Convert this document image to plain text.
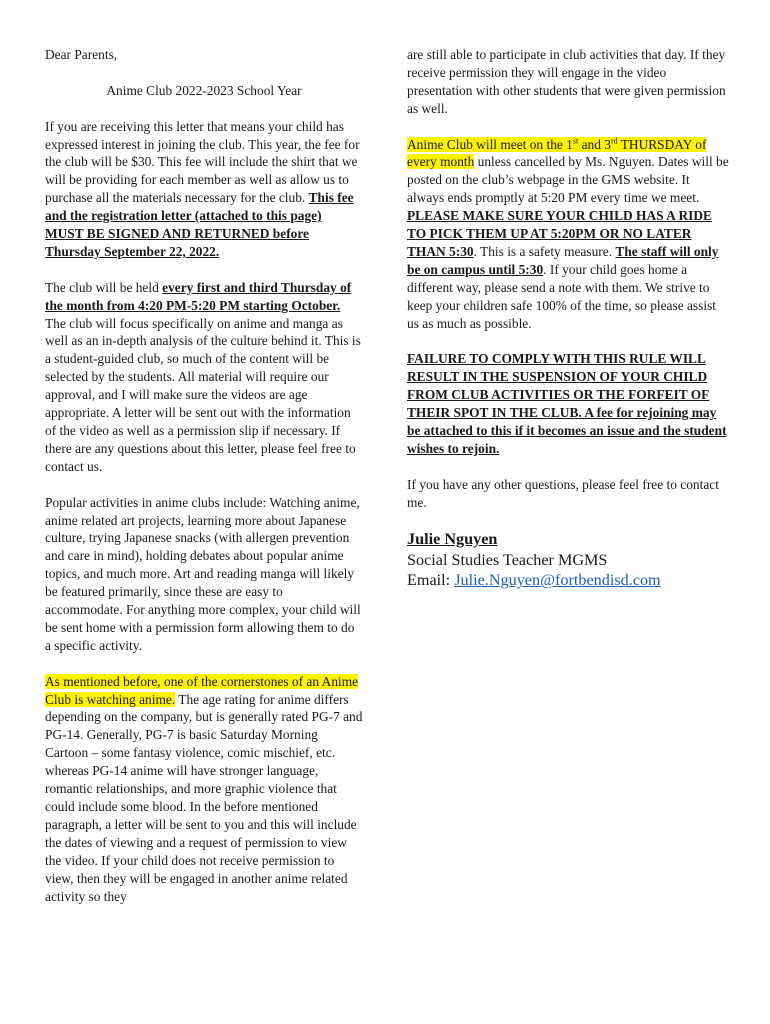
Dear Parents,

Anime Club 2022-2023 School Year

If you are receiving this letter that means your child has expressed interest in joining the club. This year, the fee for the club will be $30. This fee will include the shirt that we will be providing for each member as well as allow us to purchase all the materials necessary for the club. This fee and the registration letter (attached to this page) MUST BE SIGNED AND RETURNED before Thursday September 22, 2022.

The club will be held every first and third Thursday of the month from 4:20 PM-5:20 PM starting October. The club will focus specifically on anime and manga as well as an in-depth analysis of the culture behind it. This is a student-guided club, so much of the content will be selected by the students. All material will require our approval, and I will make sure the videos are age appropriate. A letter will be sent out with the information of the video as well as a permission slip if necessary. If there are any questions about this letter, please feel free to contact us.

Popular activities in anime clubs include: Watching anime, anime related art projects, learning more about Japanese culture, trying Japanese snacks (with allergen prevention and care in mind), holding debates about popular anime topics, and much more. Art and reading manga will likely be featured primarily, since these are easy to accommodate. For anything more complex, your child will be sent home with a permission form allowing them to do a specific activity.

As mentioned before, one of the cornerstones of an Anime Club is watching anime. The age rating for anime differs depending on the company, but is generally rated PG-7 and PG-14. Generally, PG-7 is basic Saturday Morning Cartoon – some fantasy violence, comic mischief, etc. whereas PG-14 anime will have stronger language, romantic relationships, and more graphic violence that could include some blood. In the before mentioned paragraph, a letter will be sent to you and this will include the dates of viewing and a request of permission to view the video. If your child does not receive permission to view, then they will be engaged in another anime related activity so they

are still able to participate in club activities that day. If they receive permission they will engage in the video presentation with other students that were given permission as well.

Anime Club will meet on the 1st and 3rd THURSDAY of every month unless cancelled by Ms. Nguyen. Dates will be posted on the club’s webpage in the GMS website. It always ends promptly at 5:20 PM every time we meet. PLEASE MAKE SURE YOUR CHILD HAS A RIDE TO PICK THEM UP AT 5:20PM OR NO LATER THAN 5:30. This is a safety measure. The staff will only be on campus until 5:30. If your child goes home a different way, please send a note with them. We strive to keep your children safe 100% of the time, so please assist us as much as possible.

FAILURE TO COMPLY WITH THIS RULE WILL RESULT IN THE SUSPENSION OF YOUR CHILD FROM CLUB ACTIVITIES OR THE FORFEIT OF THEIR SPOT IN THE CLUB. A fee for rejoining may be attached to this if it becomes an issue and the student wishes to rejoin.

If you have any other questions, please feel free to contact me.

Julie Nguyen
Social Studies Teacher MGMS
Email: Julie.Nguyen@fortbendisd.com
